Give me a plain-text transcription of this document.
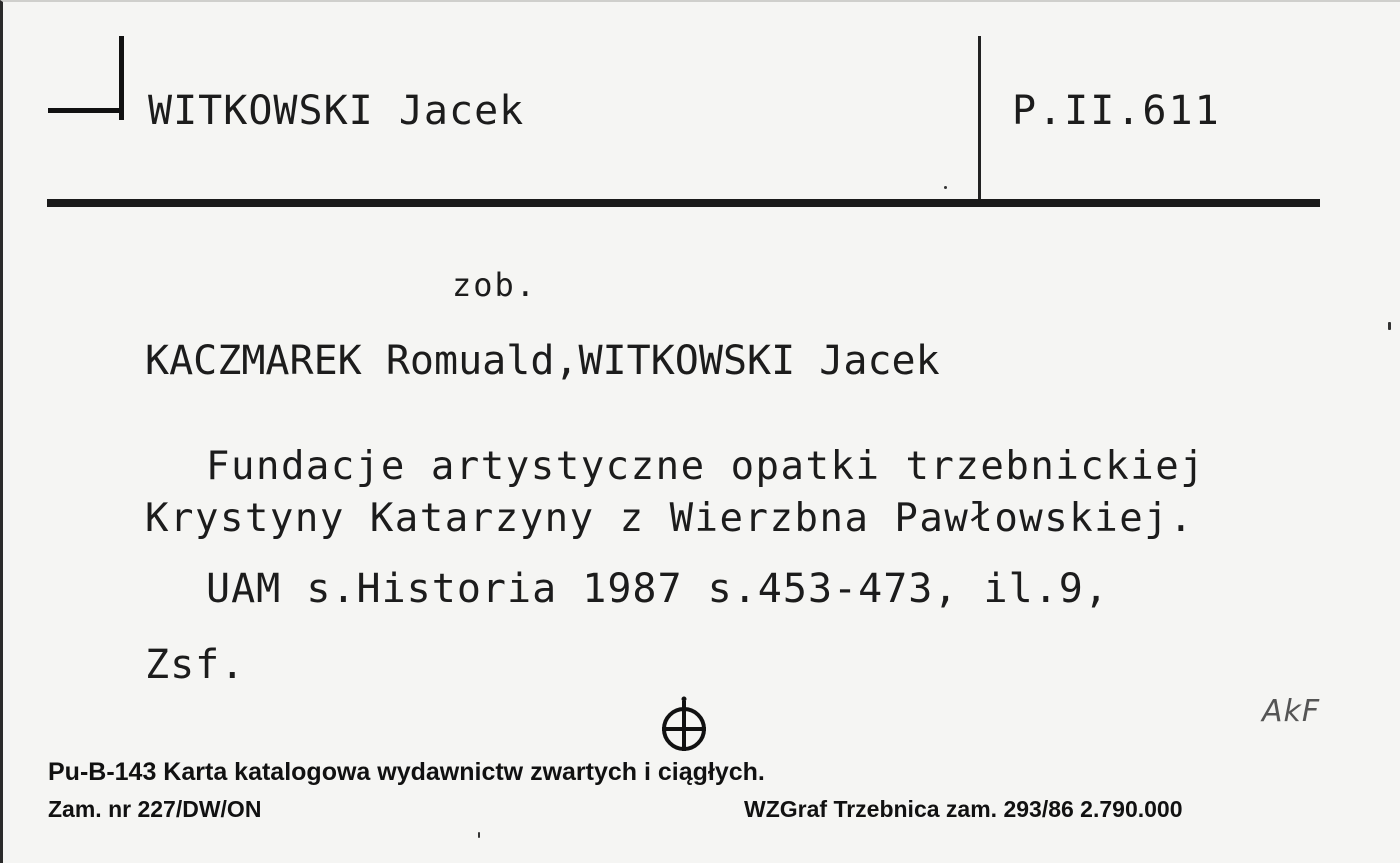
WITKOWSKI Jacek	P.II.611
zob.
KACZMAREK Romuald,WITKOWSKI Jacek
Fundacje artystyczne opatki trzebnickiej
Krystyny Katarzyny z Wierzbna Pawłowskiej.
UAM s.Historia 1987 s.453-473, il.9,
Zsf.
AkF
Pu-B-143 Karta katalogowa wydawnictw zwartych i ciągłych.
Zam. nr 227/DW/ON	WZGraf Trzebnica zam. 293/86 2.790.000
